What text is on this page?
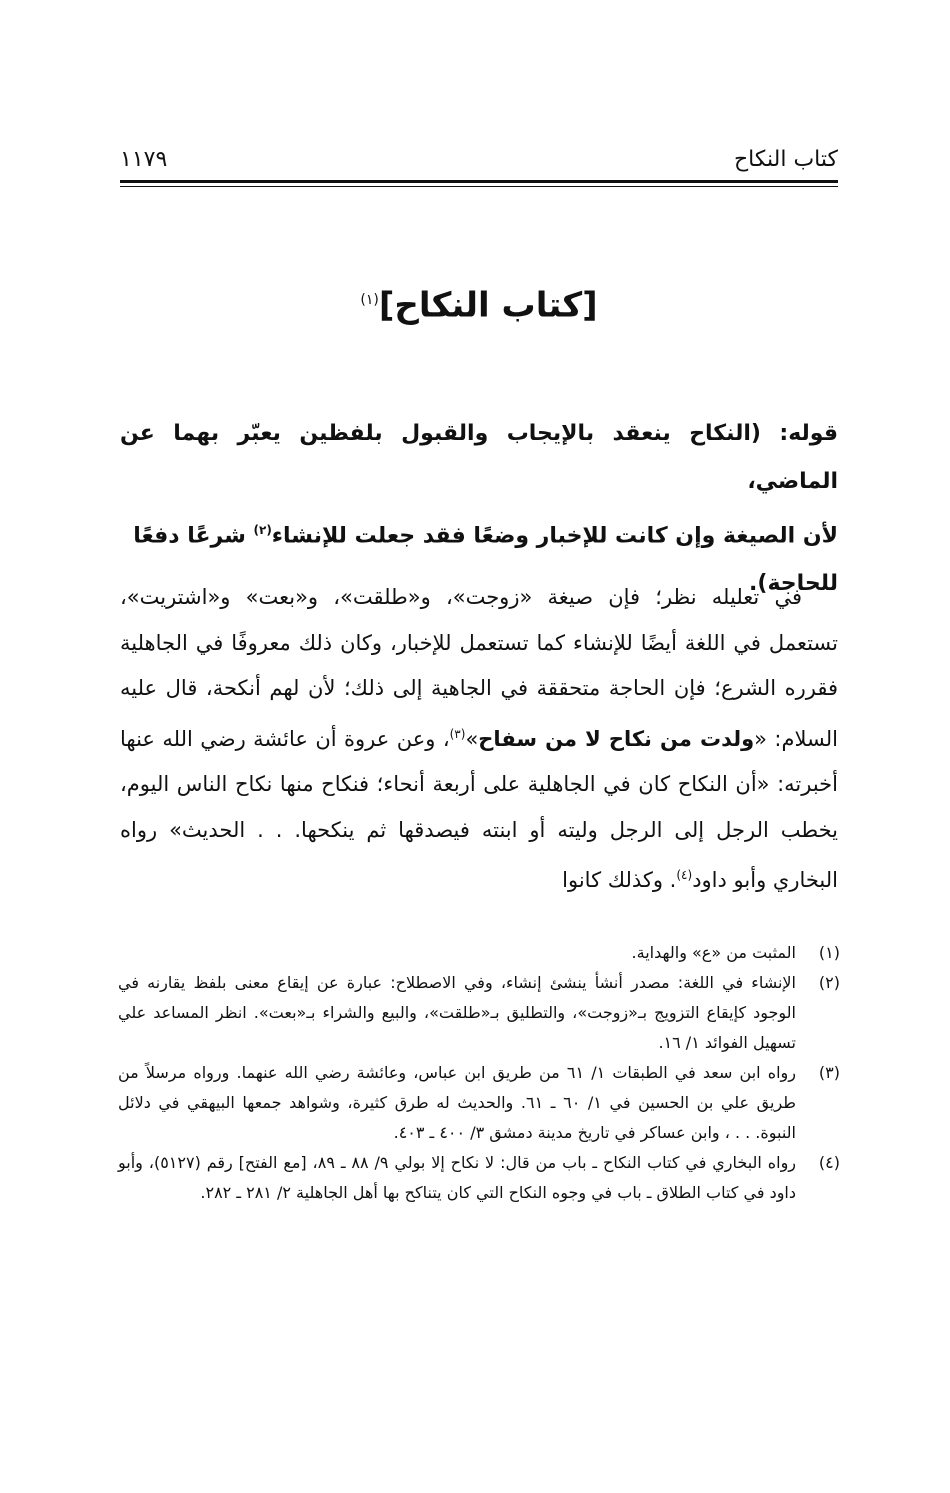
كتاب النكاح
١١٧٩
[كتاب النكاح]$^{(١)}$

قوله: (النكاح ينعقد بالإيجاب والقبول بلفظين يعبّر بهما عن الماضي،

لأن الصيغة وإن كانت للإخبار وضعًا فقد جعلت للإنشاء$^{(٢)}$ شرعًا دفعًا

للحاجة).

في تعليله نظر؛ فإن صيغة «زوجت»، و«طلقت»، و«بعت» و«اشتريت»، تستعمل في اللغة أيضًا للإنشاء كما تستعمل للإخبار، وكان ذلك معروفًا في الجاهلية فقرره الشرع؛ فإن الحاجة متحققة في الجاهية إلى ذلك؛ لأن لهم أنكحة، قال عليه السلام: «ولدت من نكاح لا من سفاح»$^{(٣)}$، وعن عروة أن عائشة رضي الله عنها أخبرته: «أن النكاح كان في الجاهلية على أربعة أنحاء؛ فنكاح منها نكاح الناس اليوم، يخطب الرجل إلى الرجل وليته أو ابنته فيصدقها ثم ينكحها. . . الحديث» رواه البخاري وأبو داود$^{(٤)}$. وكذلك كانوا

(١)
المثبت من «ع» والهداية.
(٢)
الإنشاء في اللغة: مصدر أنشأ ينشئ إنشاء، وفي الاصطلاح: عبارة عن إيقاع معنى بلفظ يقارنه في الوجود كإيقاع التزويج بـ«زوجت»، والتطليق بـ«طلقت»، والبيع والشراء بـ«بعت». انظر المساعد علي تسهيل الفوائد ١/ ١٦.
(٣)
رواه ابن سعد في الطبقات ١/ ٦١ من طريق ابن عباس، وعائشة رضي الله عنهما. ورواه مرسلاً من طريق علي بن الحسين في ١/ ٦٠ ـ ٦١. والحديث له طرق كثيرة، وشواهد جمعها البيهقي في دلائل النبوة. . . ، وابن عساكر في تاريخ مدينة دمشق ٣/ ٤٠٠ ـ ٤٠٣.
(٤)
رواه البخاري في كتاب النكاح ـ باب من قال: لا نكاح إلا بولي ٩/ ٨٨ ـ ٨٩، [مع الفتح] رقم (٥١٢٧)، وأبو داود في كتاب الطلاق ـ باب في وجوه النكاح التي كان يتناكح بها أهل الجاهلية ٢/ ٢٨١ ـ ٢٨٢.
